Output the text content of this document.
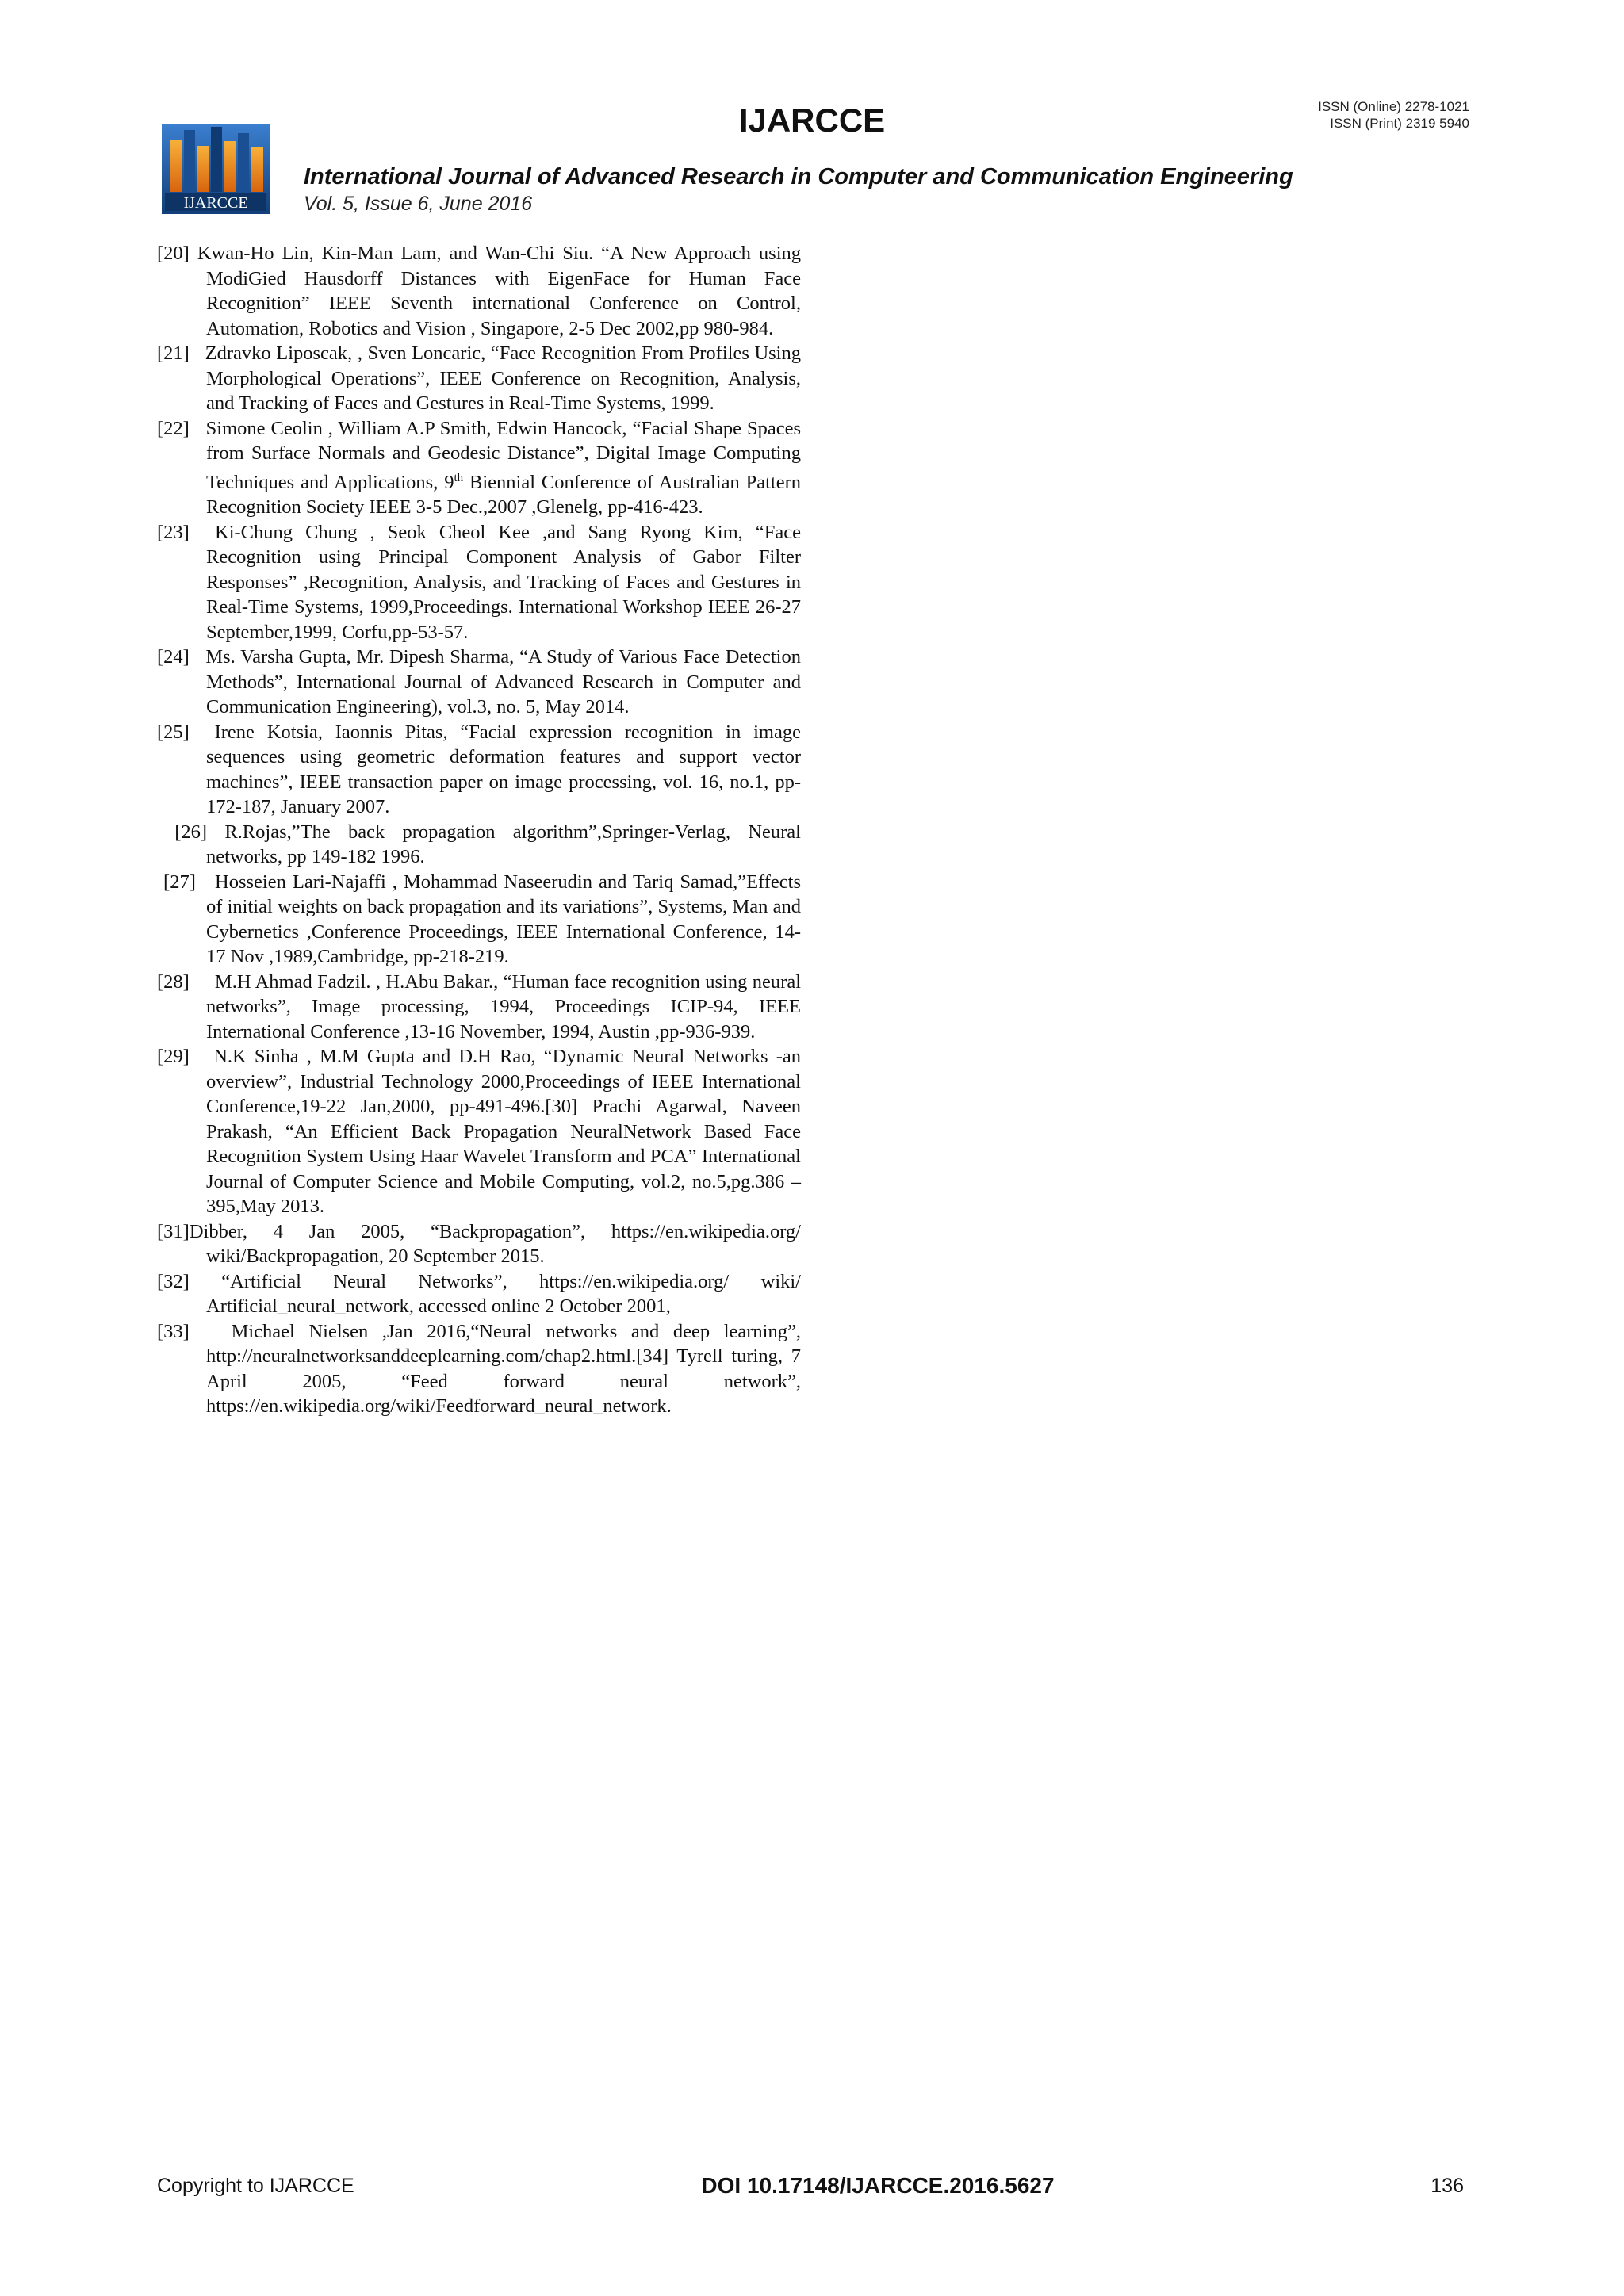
IJARCCE	ISSN (Online) 2278-1021
ISSN (Print) 2319 5940
IJARCCE
International Journal of Advanced Research in Computer and Communication Engineering
Vol. 5, Issue 6, June 2016

[20] Kwan-Ho Lin, Kin-Man Lam, and Wan-Chi Siu. “A New Approach using ModiGied Hausdorff Distances with EigenFace for Human Face Recognition” IEEE Seventh international Conference on Control, Automation, Robotics and Vision , Singapore, 2-5 Dec 2002,pp 980-984.

[21]   Zdravko Liposcak, , Sven Loncaric, “Face Recognition From Profiles Using Morphological Operations”, IEEE Conference on Recognition, Analysis, and Tracking of Faces and Gestures in Real-Time Systems, 1999.

[22]   Simone Ceolin , William A.P Smith, Edwin Hancock, “Facial Shape Spaces from Surface Normals and Geodesic Distance”, Digital Image Computing Techniques and Applications, 9th Biennial Conference of Australian Pattern Recognition Society IEEE 3-5 Dec.,2007 ,Glenelg, pp-416-423.

[23]  Ki-Chung Chung , Seok Cheol Kee ,and Sang Ryong Kim, “Face Recognition using Principal Component Analysis of Gabor Filter Responses” ,Recognition, Analysis, and Tracking of Faces and Gestures in Real-Time Systems, 1999,Proceedings. International Workshop IEEE 26-27 September,1999, Corfu,pp-53-57.

[24]   Ms. Varsha Gupta, Mr. Dipesh Sharma, “A Study of Various Face Detection Methods”, International Journal of Advanced Research in Computer and Communication Engineering), vol.3, no. 5, May 2014.

[25]  Irene Kotsia, Iaonnis Pitas, “Facial expression recognition in image sequences using geometric deformation features and support vector machines”, IEEE transaction paper on image processing, vol. 16, no.1, pp-172-187, January 2007.

[26] R.Rojas,”The back propagation algorithm”,Springer-Verlag, Neural networks, pp 149-182 1996.

[27]   Hosseien Lari-Najaffi , Mohammad Naseerudin and Tariq Samad,”Effects of initial weights on back propagation and its variations”, Systems, Man and Cybernetics ,Conference Proceedings, IEEE International Conference, 14-17 Nov ,1989,Cambridge, pp-218-219.

[28]     M.H Ahmad Fadzil. , H.Abu Bakar., “Human face recognition using neural networks”, Image processing, 1994, Proceedings ICIP-94, IEEE International Conference ,13-16 November, 1994, Austin ,pp-936-939.

[29]   N.K Sinha , M.M Gupta and D.H Rao, “Dynamic Neural Networks -an overview”, Industrial Technology 2000,Proceedings of IEEE International Conference,19-22 Jan,2000, pp-491-496.[30] Prachi Agarwal, Naveen Prakash, “An Efficient Back Propagation NeuralNetwork Based Face Recognition System Using Haar Wavelet Transform and PCA” International Journal of Computer Science and Mobile Computing, vol.2, no.5,pg.386 – 395,May 2013.

[31]Dibber, 4 Jan 2005, “Backpropagation”, https://en.wikipedia.org/ wiki/Backpropagation, 20 September 2015.

[32] “Artificial Neural Networks”, https://en.wikipedia.org/ wiki/ Artificial_neural_network, accessed online 2 October 2001,

[33]   Michael Nielsen ,Jan 2016,“Neural networks and deep learning”, http://neuralnetworksanddeeplearning.com/chap2.html.[34] Tyrell turing, 7 April 2005, “Feed forward neural network”, https://en.wikipedia.org/wiki/Feedforward_neural_network.

Copyright to IJARCCE	DOI 10.17148/IJARCCE.2016.5627	136
